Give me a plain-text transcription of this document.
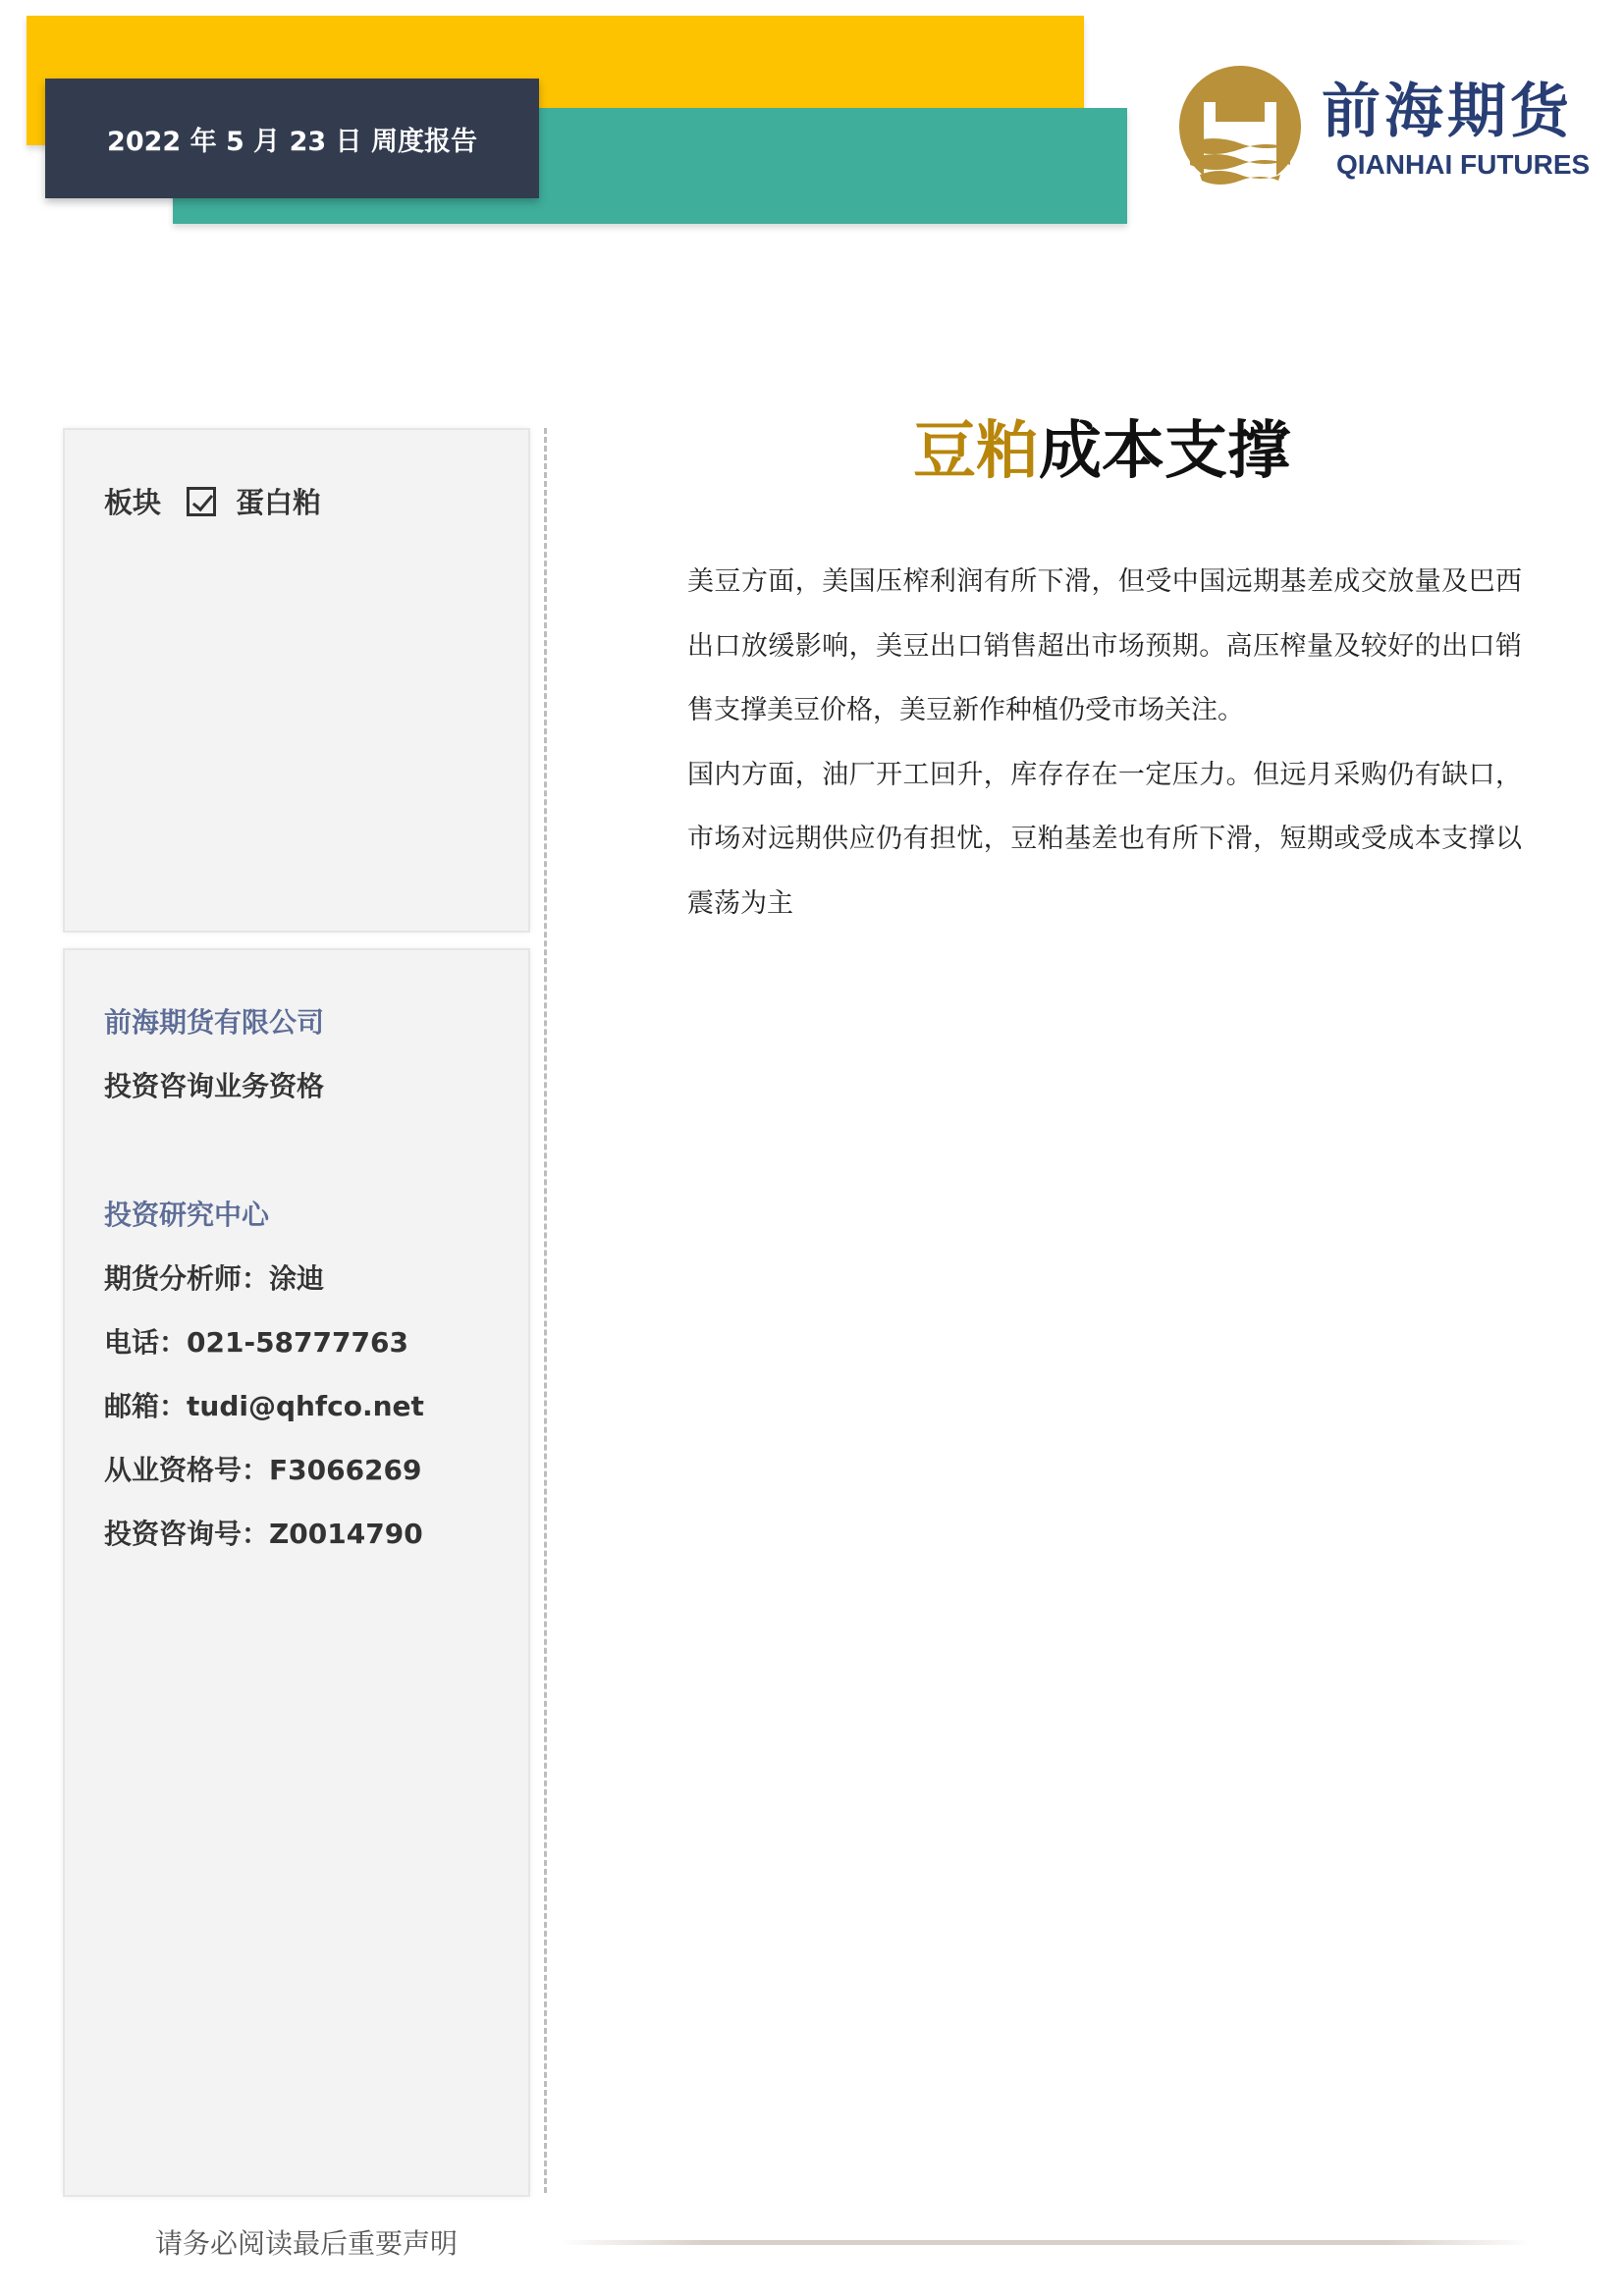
2022 年 5 月 23 日 周度报告	前海期货
QIANHAI FUTURES
板块	蛋白粕
前海期货有限公司
投资咨询业务资格
投资研究中心
期货分析师：涂迪
电话：021-58777763
邮箱：tudi@qhfco.net
从业资格号：F3066269
投资咨询号：Z0014790
豆粕成本支撑

美豆方面，美国压榨利润有所下滑，但受中国远期基差成交放量及巴西出口放缓影响，美豆出口销售超出市场预期。高压榨量及较好的出口销售支撑美豆价格，美豆新作种植仍受市场关注。

国内方面，油厂开工回升，库存存在一定压力。但远月采购仍有缺口，市场对远期供应仍有担忧，豆粕基差也有所下滑，短期或受成本支撑以震荡为主

请务必阅读最后重要声明
